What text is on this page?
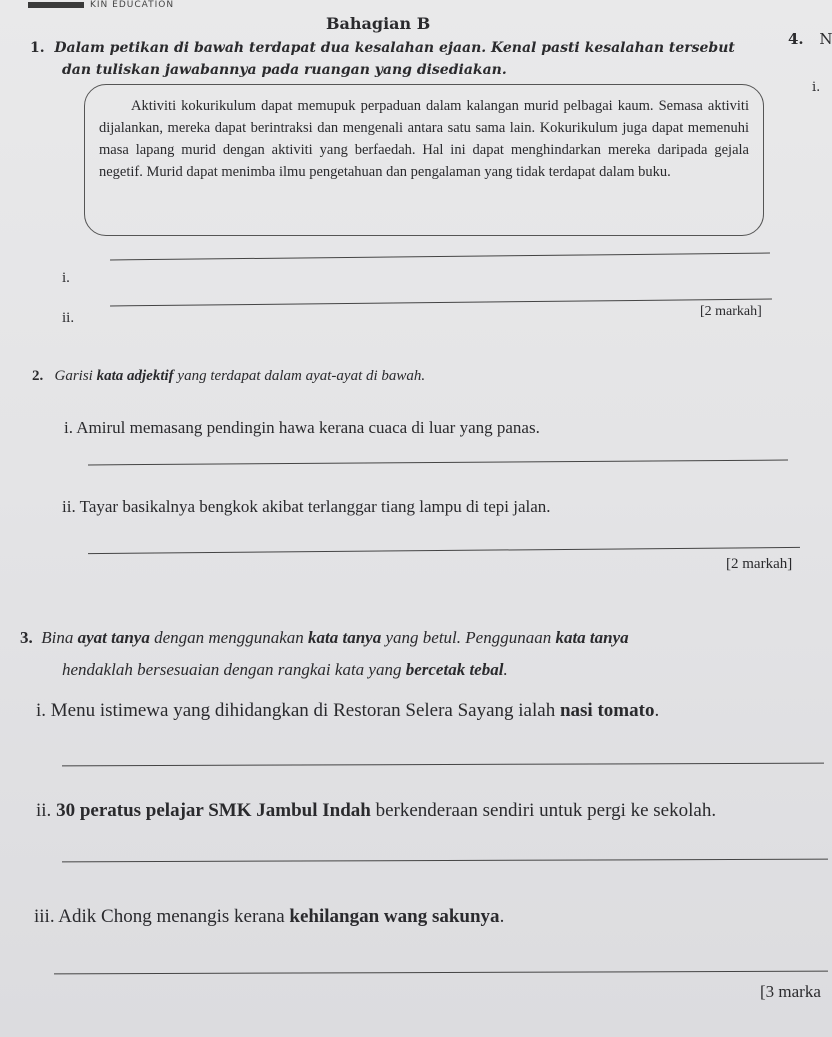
KIN EDUCATION
Bahagian B
4. N
i.
1. Dalam petikan di bawah terdapat dua kesalahan ejaan. Kenal pasti kesalahan tersebut
dan tuliskan jawabannya pada ruangan yang disediakan.

Aktiviti kokurikulum dapat memupuk perpaduan dalam kalangan murid pelbagai kaum. Semasa aktiviti dijalankan, mereka dapat berintraksi dan mengenali antara satu sama lain. Kokurikulum juga dapat memenuhi masa lapang murid dengan aktiviti yang berfaedah. Hal ini dapat menghindarkan mereka daripada gejala negetif. Murid dapat menimba ilmu pengetahuan dan pengalaman yang tidak terdapat dalam buku.

i.
ii.	[2 markah]
2. Garisi kata adjektif yang terdapat dalam ayat-ayat di bawah.
i. Amirul memasang pendingin hawa kerana cuaca di luar yang panas.
ii. Tayar basikalnya bengkok akibat terlanggar tiang lampu di tepi jalan.
[2 markah]
3. Bina ayat tanya dengan menggunakan kata tanya yang betul. Penggunaan kata tanya
hendaklah bersesuaian dengan rangkai kata yang bercetak tebal.
i. Menu istimewa yang dihidangkan di Restoran Selera Sayang ialah nasi tomato.
ii. 30 peratus pelajar SMK Jambul Indah berkenderaan sendiri untuk pergi ke sekolah.
iii. Adik Chong menangis kerana kehilangan wang sakunya.
[3 marka
